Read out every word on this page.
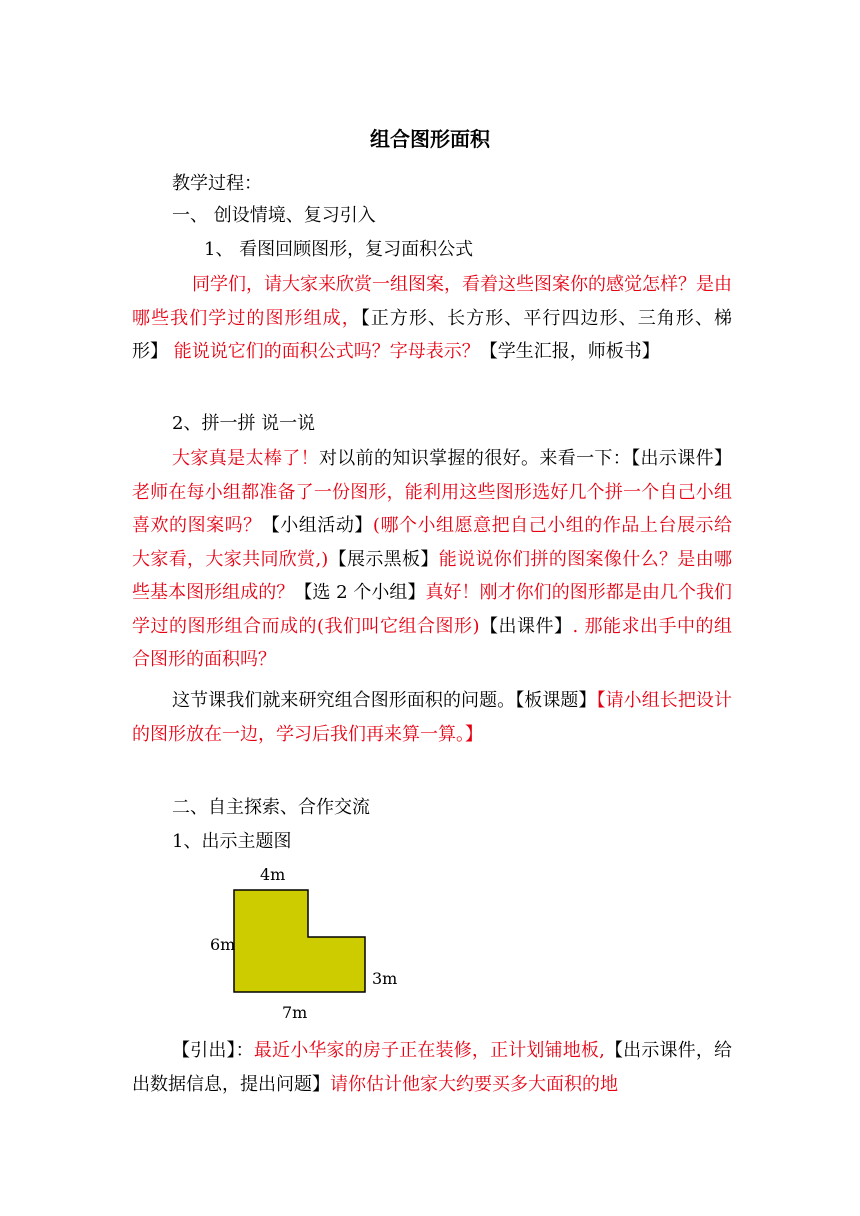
组合图形面积
教学过程：
一、 创设情境、复习引入
1、 看图回顾图形，复习面积公式
同学们，请大家来欣赏一组图案，看着这些图案你的感觉怎样？是由哪些我们学过的图形组成，【正方形、长方形、平行四边形、三角形、梯形】 能说说它们的面积公式吗？字母表示？【学生汇报，师板书】
2、拼一拼 说一说
大家真是太棒了！对以前的知识掌握的很好。来看一下：【出示课件】老师在每小组都准备了一份图形，能利用这些图形选好几个拼一个自己小组喜欢的图案吗？【小组活动】(哪个小组愿意把自己小组的作品上台展示给大家看，大家共同欣赏,)【展示黑板】能说说你们拼的图案像什么？是由哪些基本图形组成的？【选 2 个小组】真好！刚才你们的图形都是由几个我们学过的图形组合而成的(我们叫它组合图形)【出课件】. 那能求出手中的组合图形的面积吗？
这节课我们就来研究组合图形面积的问题。【板课题】【请小组长把设计的图形放在一边，学习后我们再来算一算。】
二、自主探索、合作交流
1、出示主题图
4m
6m
3m
7m
【引出】：最近小华家的房子正在装修，正计划铺地板,【出示课件，给出数据信息，提出问题】请你估计他家大约要买多大面积的地
